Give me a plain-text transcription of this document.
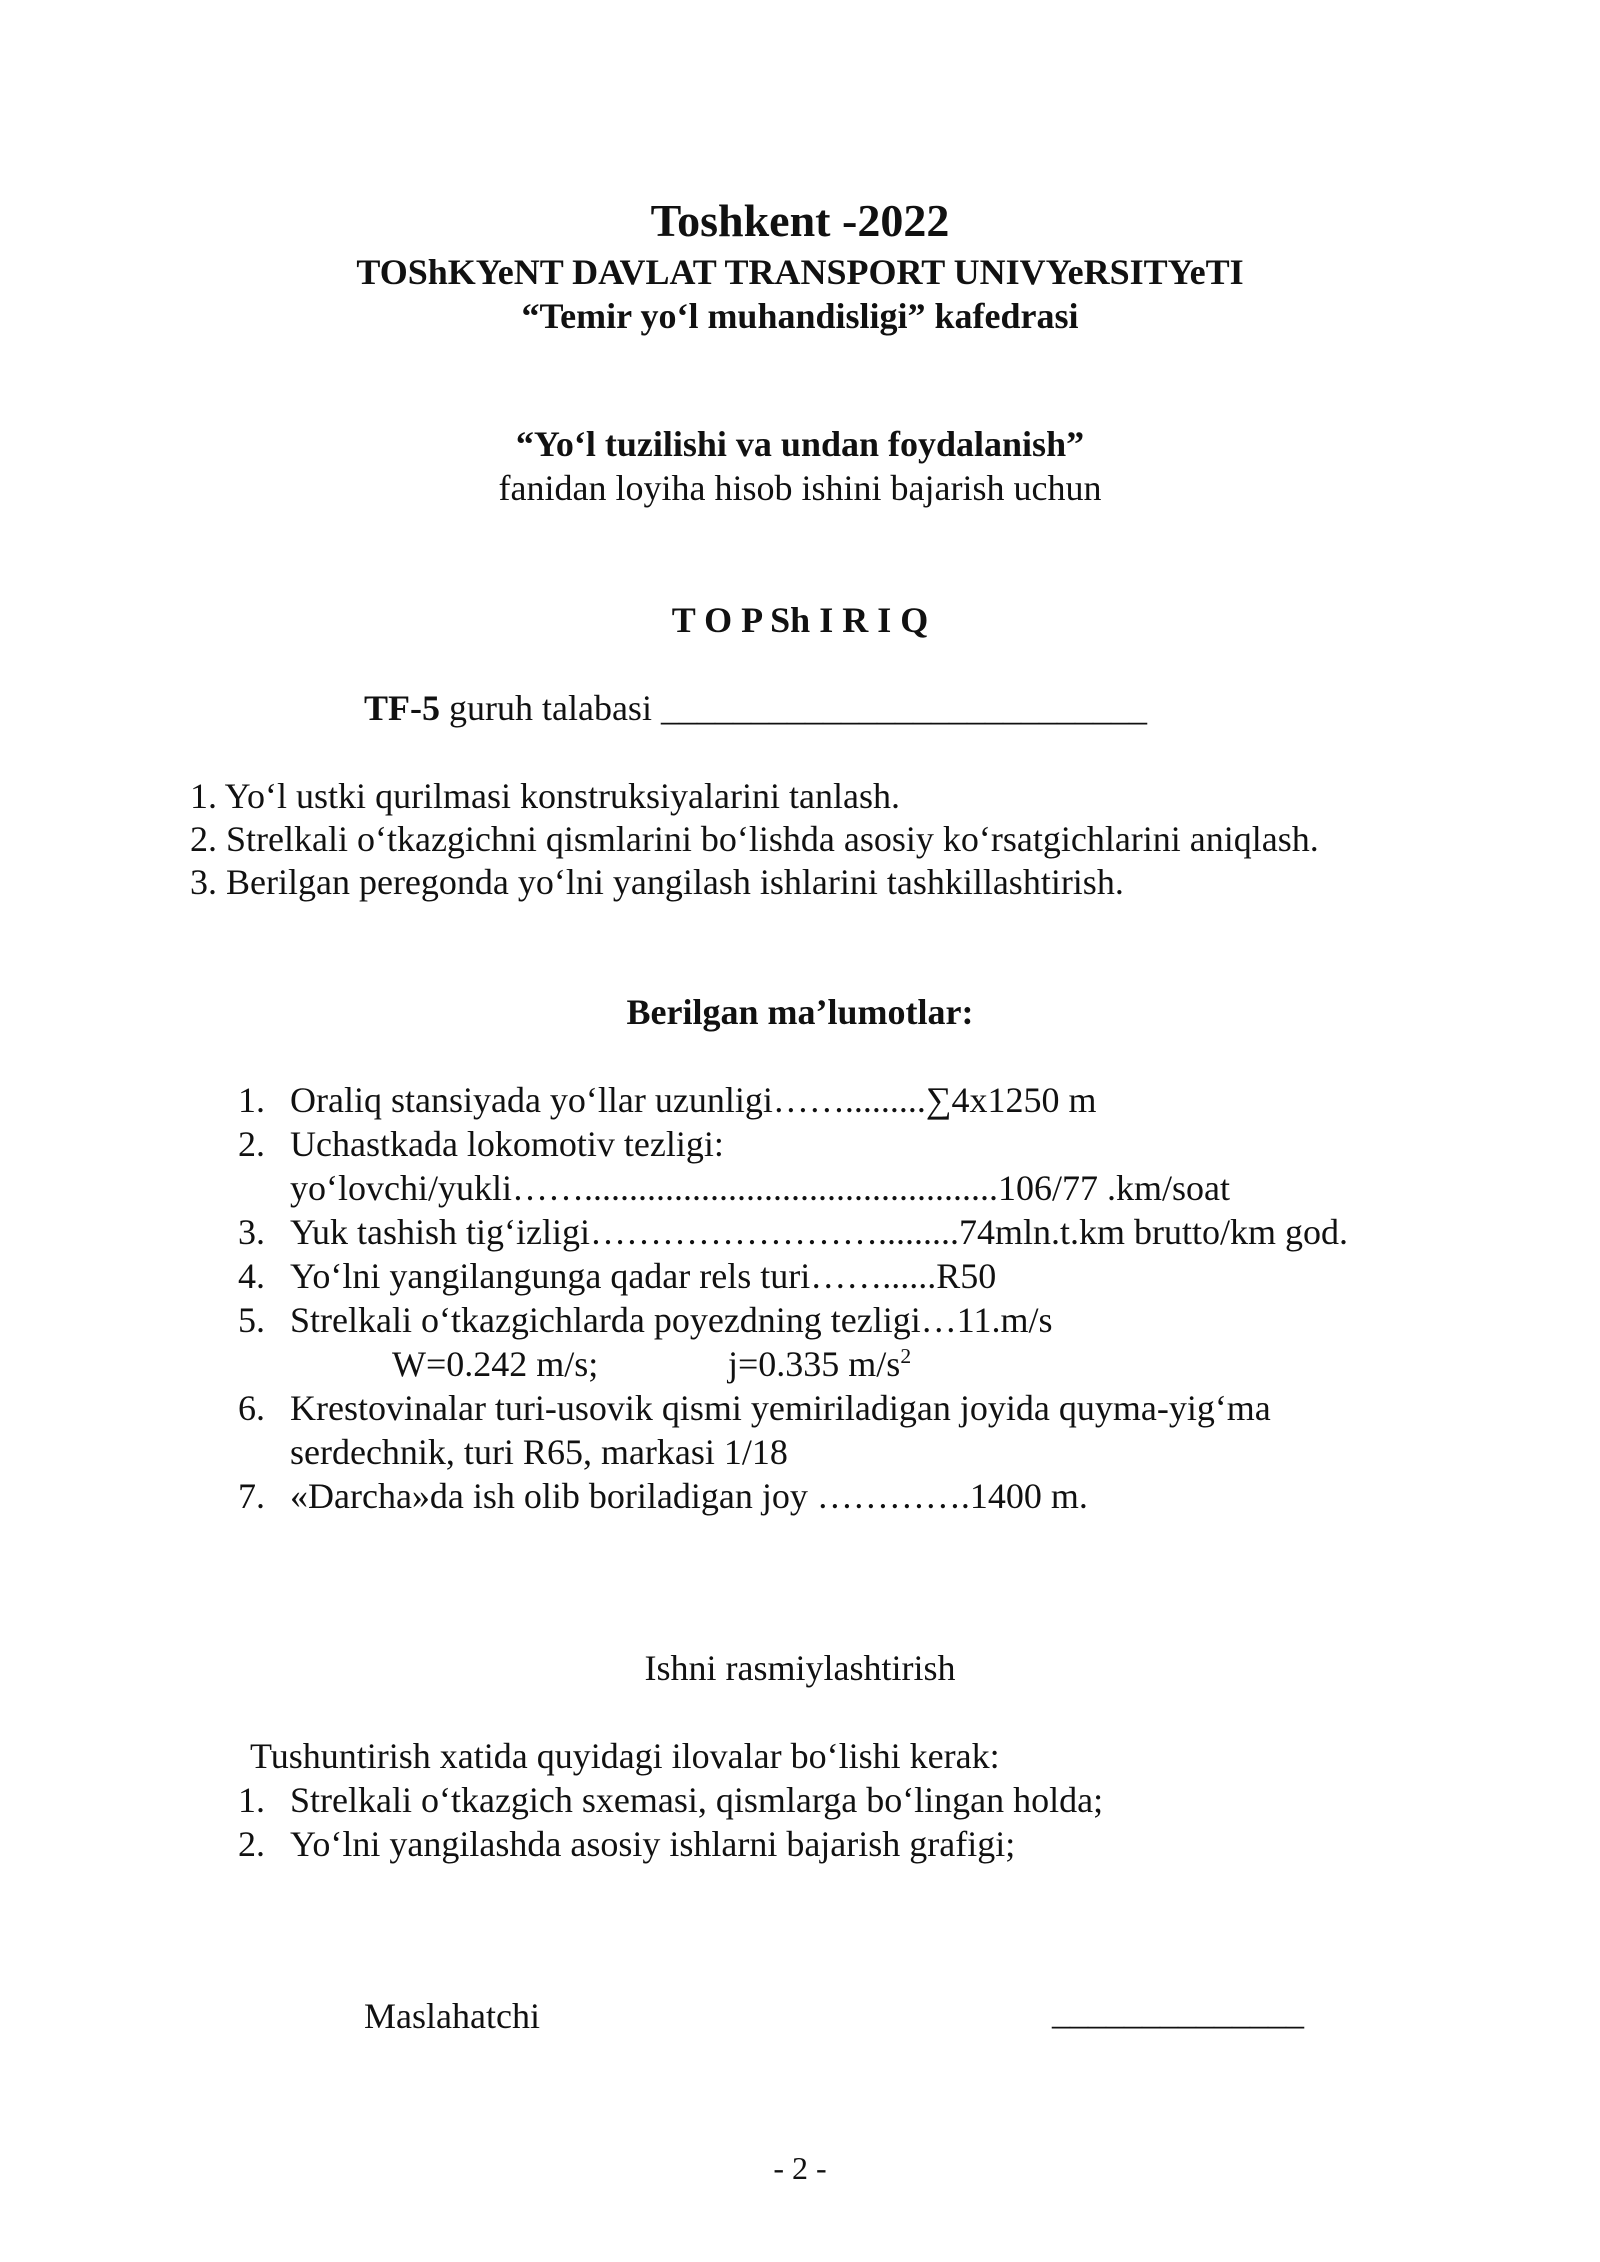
Toshkent -2022
TOShKYeNT DAVLAT TRANSPORT UNIVYeRSITYeTI
“Temir yo‘l muhandisligi” kafedrasi
“Yo‘l tuzilishi va undan foydalanish”
fanidan loyiha hisob ishini bajarish uchun
T O P Sh I R I Q
TF-5 guruh talabasi ___________________________
1. Yo‘l ustki qurilmasi konstruksiyalarini tanlash.
2. Strelkali o‘tkazgichni qismlarini bo‘lishda asosiy ko‘rsatgichlarini aniqlash.
3. Berilgan peregonda yo‘lni yangilash ishlarini tashkillashtirish.
Berilgan ma’lumotlar:
1. Oraliq stansiyada yo‘llar uzunligi…….........∑4x1250 m
2. Uchastkada lokomotiv tezligi:
yo‘lovchi/yukli……..............................................106/77 .km/soat
3. Yuk tashish tig‘izligi…………………….........74mln.t.km brutto/km god.
4. Yo‘lni yangilangunga qadar rels turi……......R50
5. Strelkali o‘tkazgichlarda poyezdning tezligi…11.m/s
W=0.242 m/s;	j=0.335 $m/s^2$
6. Krestovinalar turi-usovik qismi yemiriladigan joyida quyma-yig‘ma
serdechnik, turi R65, markasi 1/18
7. «Darcha»da ish olib boriladigan joy ………….1400 m.
Ishni rasmiylashtirish
Tushuntirish xatida quyidagi ilovalar bo‘lishi kerak:
1. Strelkali o‘tkazgich sxemasi, qismlarga bo‘lingan holda;
2. Yo‘lni yangilashda asosiy ishlarni bajarish grafigi;
Maslahatchi	______________
- 2 -
